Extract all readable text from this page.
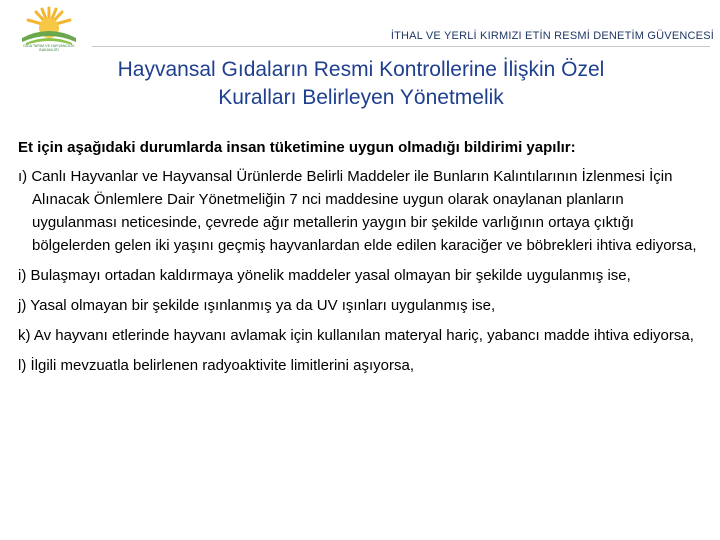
GIDA TARIM VE HAYVANCILIK BAKANLIĞI
İTHAL VE YERLİ KIRMIZI ETİN RESMİ DENETİM GÜVENCESİ
Hayvansal Gıdaların Resmi Kontrollerine İlişkin Özel
Kuralları Belirleyen Yönetmelik

Et için aşağıdaki durumlarda insan tüketimine uygun olmadığı bildirimi yapılır:

ı) Canlı Hayvanlar ve Hayvansal Ürünlerde Belirli Maddeler ile Bunların Kalıntılarının İzlenmesi İçin Alınacak Önlemlere Dair Yönetmeliğin 7 nci maddesine uygun olarak onaylanan planların uygulanması neticesinde, çevrede ağır metallerin yaygın bir şekilde varlığının ortaya çıktığı bölgelerden gelen iki yaşını geçmiş hayvanlardan elde edilen karaciğer ve böbrekleri ihtiva ediyorsa,

i) Bulaşmayı ortadan kaldırmaya yönelik maddeler yasal olmayan bir şekilde uygulanmış ise,

j) Yasal olmayan bir şekilde ışınlanmış ya da UV ışınları uygulanmış ise,

k) Av hayvanı etlerinde hayvanı avlamak için kullanılan materyal hariç, yabancı madde ihtiva ediyorsa,

l) İlgili mevzuatla belirlenen radyoaktivite limitlerini aşıyorsa,
